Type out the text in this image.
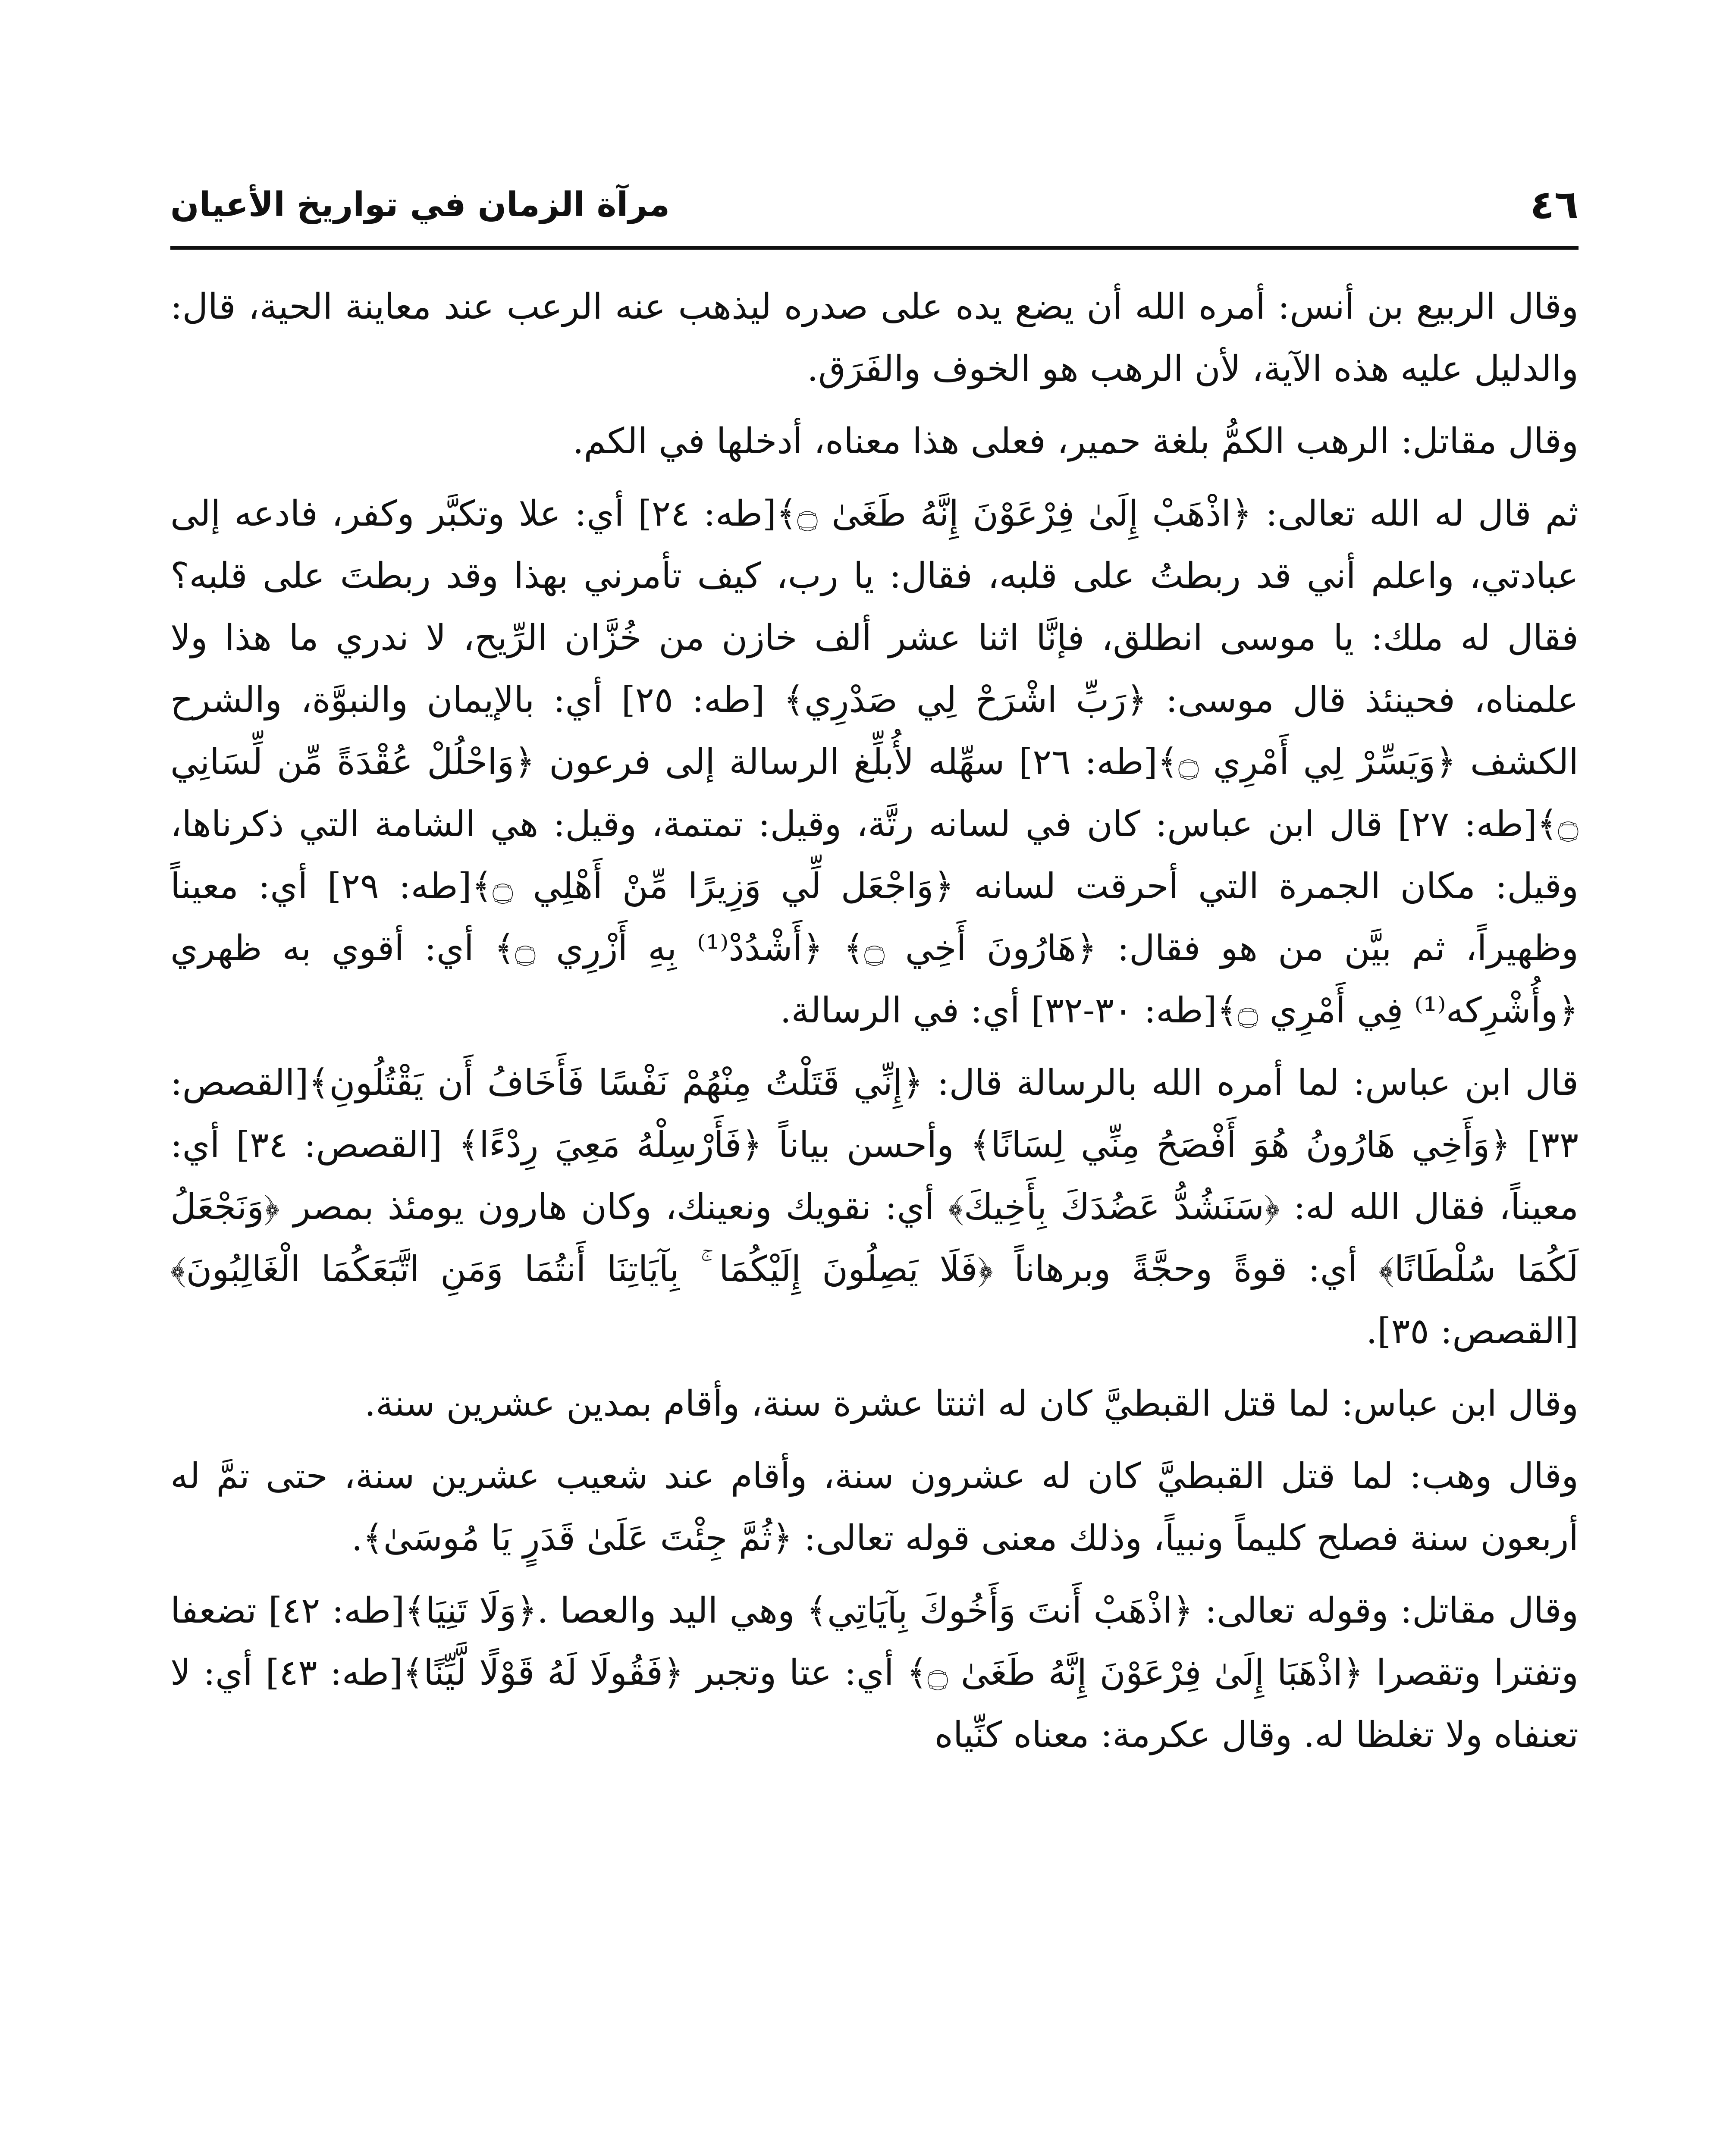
٤٦
مرآة الزمان في تواريخ الأعيان

وقال الربيع بن أنس: أمره الله أن يضع يده على صدره ليذهب عنه الرعب عند معاينة الحية، قال: والدليل عليه هذه الآية، لأن الرهب هو الخوف والفَرَق.

وقال مقاتل: الرهب الكمُّ بلغة حمير، فعلى هذا معناه، أدخلها في الكم.

ثم قال له الله تعالى: ﴿اذْهَبْ إِلَىٰ فِرْعَوْنَ إِنَّهُ طَغَىٰ ۝﴾[طه: ٢٤] أي: علا وتكبَّر وكفر، فادعه إلى عبادتي، واعلم أني قد ربطتُ على قلبه، فقال: يا رب، كيف تأمرني بهذا وقد ربطتَ على قلبه؟ فقال له ملك: يا موسى انطلق، فإنَّا اثنا عشر ألف خازن من خُزَّان الرِّيح، لا ندري ما هذا ولا علمناه، فحينئذ قال موسى: ﴿رَبِّ اشْرَحْ لِي صَدْرِي﴾ [طه: ٢٥] أي: بالإيمان والنبوَّة، والشرح الكشف ﴿وَيَسِّرْ لِي أَمْرِي ۝﴾[طه: ٢٦] سهِّله لأُبلِّغ الرسالة إلى فرعون ﴿وَاحْلُلْ عُقْدَةً مِّن لِّسَانِي ۝﴾[طه: ٢٧] قال ابن عباس: كان في لسانه رتَّة، وقيل: تمتمة، وقيل: هي الشامة التي ذكرناها، وقيل: مكان الجمرة التي أحرقت لسانه ﴿وَاجْعَل لِّي وَزِيرًا مِّنْ أَهْلِي ۝﴾[طه: ٢٩] أي: معيناً وظهيراً، ثم بيَّن من هو فقال: ﴿هَارُونَ أَخِي ۝﴾ ﴿أَشْدُدْ⁽¹⁾ بِهِ أَزْرِي ۝﴾ أي: أقوي به ظهري ﴿وأُشْرِكه⁽¹⁾ فِي أَمْرِي ۝﴾[طه: ٣٠-٣٢] أي: في الرسالة.

قال ابن عباس: لما أمره الله بالرسالة قال: ﴿إِنِّي قَتَلْتُ مِنْهُمْ نَفْسًا فَأَخَافُ أَن يَقْتُلُونِ﴾[القصص: ٣٣] ﴿وَأَخِي هَارُونُ هُوَ أَفْصَحُ مِنِّي لِسَانًا﴾ وأحسن بياناً ﴿فَأَرْسِلْهُ مَعِيَ رِدْءًا﴾ [القصص: ٣٤] أي: معيناً، فقال الله له: ﴿سَنَشُدُّ عَضُدَكَ بِأَخِيكَ﴾ أي: نقويك ونعينك، وكان هارون يومئذ بمصر ﴿وَنَجْعَلُ لَكُمَا سُلْطَانًا﴾ أي: قوةً وحجَّةً وبرهاناً ﴿فَلَا يَصِلُونَ إِلَيْكُمَا ۚ بِآيَاتِنَا أَنتُمَا وَمَنِ اتَّبَعَكُمَا الْغَالِبُونَ﴾ [القصص: ٣٥].

وقال ابن عباس: لما قتل القبطيَّ كان له اثنتا عشرة سنة، وأقام بمدين عشرين سنة.

وقال وهب: لما قتل القبطيَّ كان له عشرون سنة، وأقام عند شعيب عشرين سنة، حتى تمَّ له أربعون سنة فصلح كليماً ونبياً، وذلك معنى قوله تعالى: ﴿ثُمَّ جِئْتَ عَلَىٰ قَدَرٍ يَا مُوسَىٰ﴾.

وقال مقاتل: وقوله تعالى: ﴿اذْهَبْ أَنتَ وَأَخُوكَ بِآيَاتِي﴾ وهي اليد والعصا .﴿وَلَا تَنِيَا﴾[طه: ٤٢] تضعفا وتفترا وتقصرا ﴿اذْهَبَا إِلَىٰ فِرْعَوْنَ إِنَّهُ طَغَىٰ ۝﴾ أي: عتا وتجبر ﴿فَقُولَا لَهُ قَوْلًا لَّيِّنًا﴾[طه: ٤٣] أي: لا تعنفاه ولا تغلظا له. وقال عكرمة: معناه كنِّياه
